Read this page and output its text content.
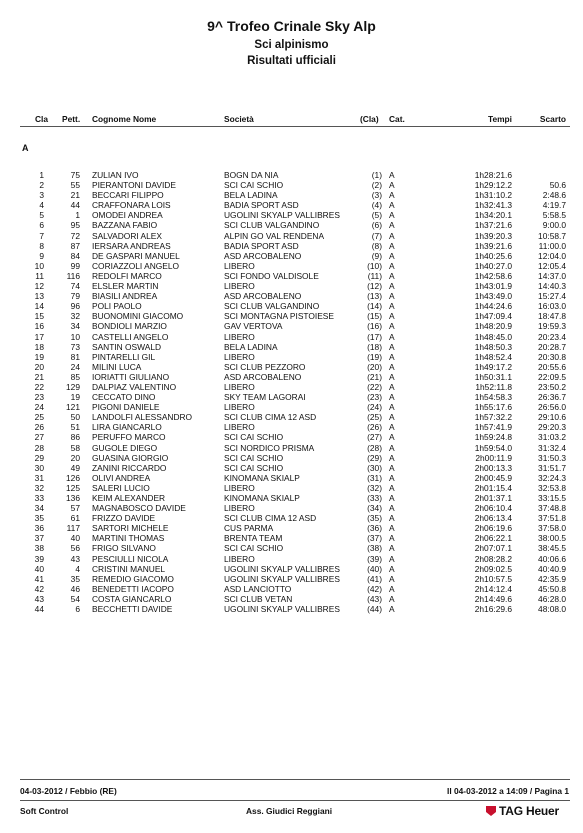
9^ Trofeo Crinale Sky Alp
Sci alpinismo
Risultati ufficiali
Cla Pett. Cognome Nome	Società	(Cla) Cat.	Tempi	Scarto
A
1	75 ZULIAN IVO	BOGN DA NIA	(1) A	1h28:21.6
2	55 PIERANTONI DAVIDE	SCI CAI SCHIO	(2) A	1h29:12.2	50.6
3	21 BECCARI FILIPPO	BELA LADINA	(3) A	1h31:10.2	2:48.6
4	44 CRAFFONARA LOIS	BADIA SPORT ASD	(4) A	1h32:41.3	4:19.7
5	1 OMODEI ANDREA	UGOLINI SKYALP VALLIBRES	(5) A	1h34:20.1	5:58.5
6	95 BAZZANA FABIO	SCI CLUB VALGANDINO	(6) A	1h37:21.6	9:00.0
7	72 SALVADORI ALEX	ALPIN GO VAL RENDENA	(7) A	1h39:20.3	10:58.7
8	87 IERSARA ANDREAS	BADIA SPORT ASD	(8) A	1h39:21.6	11:00.0
9	84 DE GASPARI MANUEL	ASD ARCOBALENO	(9) A	1h40:25.6	12:04.0
10	99 CORIAZZOLI ANGELO	LIBERO	(10) A	1h40:27.0	12:05.4
11	116 REDOLFI MARCO	SCI FONDO VALDISOLE	(11) A	1h42:58.6	14:37.0
12	74 ELSLER MARTIN	LIBERO	(12) A	1h43:01.9	14:40.3
13	79 BIASILI ANDREA	ASD ARCOBALENO	(13) A	1h43:49.0	15:27.4
14	96 POLI PAOLO	SCI CLUB VALGANDINO	(14) A	1h44:24.6	16:03.0
15	32 BUONOMINI GIACOMO	SCI MONTAGNA PISTOIESE	(15) A	1h47:09.4	18:47.8
16	34 BONDIOLI MARZIO	GAV VERTOVA	(16) A	1h48:20.9	19:59.3
17	10 CASTELLI ANGELO	LIBERO	(17) A	1h48:45.0	20:23.4
18	73 SANTIN OSWALD	BELA LADINA	(18) A	1h48:50.3	20:28.7
19	81 PINTARELLI GIL	LIBERO	(19) A	1h48:52.4	20:30.8
20	24 MILINI LUCA	SCI CLUB PEZZORO	(20) A	1h49:17.2	20:55.6
21	85 IORIATTI GIULIANO	ASD ARCOBALENO	(21) A	1h50:31.1	22:09.5
22	129 DALPIAZ VALENTINO	LIBERO	(22) A	1h52:11.8	23:50.2
23	19 CECCATO DINO	SKY TEAM LAGORAI	(23) A	1h54:58.3	26:36.7
24	121 PIGONI DANIELE	LIBERO	(24) A	1h55:17.6	26:56.0
25	50 LANDOLFI ALESSANDRO	SCI CLUB CIMA 12 ASD	(25) A	1h57:32.2	29:10.6
26	51 LIRA GIANCARLO	LIBERO	(26) A	1h57:41.9	29:20.3
27	86 PERUFFO MARCO	SCI CAI SCHIO	(27) A	1h59:24.8	31:03.2
28	58 GUGOLE DIEGO	SCI NORDICO PRISMA	(28) A	1h59:54.0	31:32.4
29	20 GUASINA GIORGIO	SCI CAI SCHIO	(29) A	2h00:11.9	31:50.3
30	49 ZANINI RICCARDO	SCI CAI SCHIO	(30) A	2h00:13.3	31:51.7
31	126 OLIVI ANDREA	KINOMANA SKIALP	(31) A	2h00:45.9	32:24.3
32	125 SALERI LUCIO	LIBERO	(32) A	2h01:15.4	32:53.8
33	136 KEIM ALEXANDER	KINOMANA SKIALP	(33) A	2h01:37.1	33:15.5
34	57 MAGNABOSCO DAVIDE	LIBERO	(34) A	2h06:10.4	37:48.8
35	61 FRIZZO DAVIDE	SCI CLUB CIMA 12 ASD	(35) A	2h06:13.4	37:51.8
36	117 SARTORI MICHELE	CUS PARMA	(36) A	2h06:19.6	37:58.0
37	40 MARTINI THOMAS	BRENTA TEAM	(37) A	2h06:22.1	38:00.5
38	56 FRIGO SILVANO	SCI CAI SCHIO	(38) A	2h07:07.1	38:45.5
39	43 PESCIULLI NICOLA	LIBERO	(39) A	2h08:28.2	40:06.6
40	4 CRISTINI MANUEL	UGOLINI SKYALP VALLIBRES	(40) A	2h09:02.5	40:40.9
41	35 REMEDIO GIACOMO	UGOLINI SKYALP VALLIBRES	(41) A	2h10:57.5	42:35.9
42	46 BENEDETTI IACOPO	ASD LANCIOTTO	(42) A	2h14:12.4	45:50.8
43	54 COSTA GIANCARLO	SCI CLUB VETAN	(43) A	2h14:49.6	46:28.0
44	6 BECCHETTI DAVIDE	UGOLINI SKYALP VALLIBRES	(44) A	2h16:29.6	48:08.0
04-03-2012 / Febbio (RE)	Il 04-03-2012 a 14:09 / Pagina 1
Soft Control	Ass. Giudici Reggiani	TAG Heuer
